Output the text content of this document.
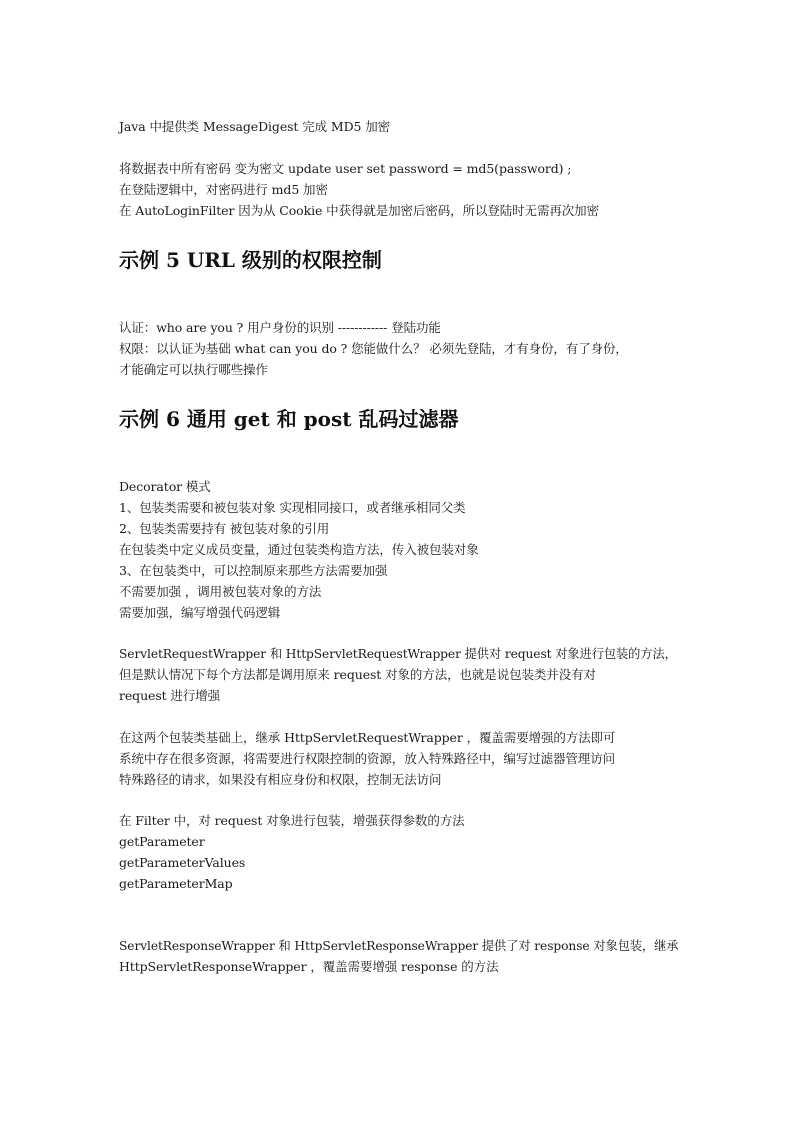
Java 中提供类 MessageDigest 完成 MD5 加密
将数据表中所有密码 变为密文 update user set password = md5(password) ;
在登陆逻辑中，对密码进行 md5 加密
在 AutoLoginFilter 因为从 Cookie 中获得就是加密后密码，所以登陆时无需再次加密
示例 5 URL 级别的权限控制
认证：who are you ? 用户身份的识别 ------------ 登陆功能
权限：以认证为基础 what can you do ? 您能做什么？ 必须先登陆，才有身份，有了身份，
才能确定可以执行哪些操作
示例 6 通用 get 和 post 乱码过滤器
Decorator 模式
1、包装类需要和被包装对象 实现相同接口，或者继承相同父类
2、包装类需要持有 被包装对象的引用
在包装类中定义成员变量，通过包装类构造方法，传入被包装对象
3、在包装类中，可以控制原来那些方法需要加强
不需要加强 ，调用被包装对象的方法
需要加强，编写增强代码逻辑
ServletRequestWrapper 和 HttpServletRequestWrapper 提供对 request 对象进行包装的方法，
但是默认情况下每个方法都是调用原来 request 对象的方法，也就是说包装类并没有对
request 进行增强
在这两个包装类基础上，继承 HttpServletRequestWrapper ，覆盖需要增强的方法即可
系统中存在很多资源，将需要进行权限控制的资源，放入特殊路径中，编写过滤器管理访问
特殊路径的请求，如果没有相应身份和权限，控制无法访问
在 Filter 中，对 request 对象进行包装，增强获得参数的方法
getParameter
getParameterValues
getParameterMap
ServletResponseWrapper 和 HttpServletResponseWrapper 提供了对 response 对象包装，继承
HttpServletResponseWrapper ，覆盖需要增强 response 的方法
